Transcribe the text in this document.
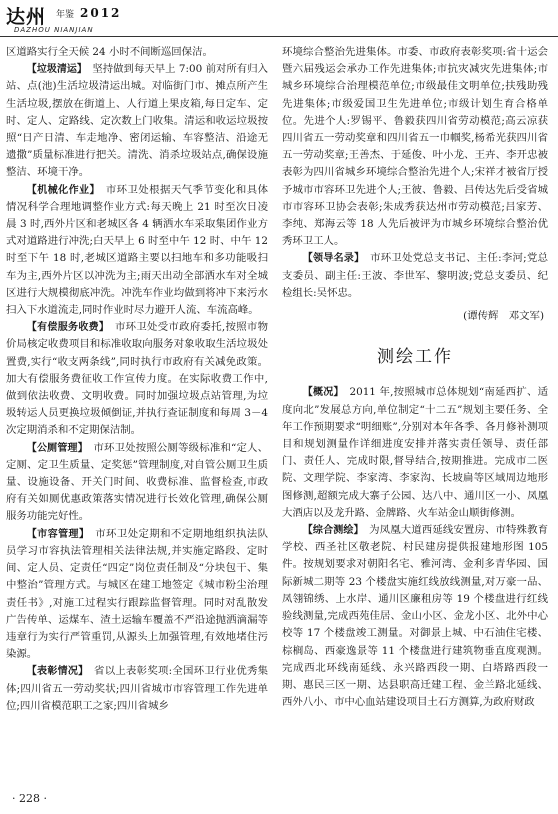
达州 年鉴 2012
DAZHOU NIANJIAN

区道路实行全天候 24 小时不间断巡回保洁。

【垃圾清运】　 坚持做到每天早上 7:00 前对所有归入站、点(池)生活垃圾清运出城。对临街门市、摊点所产生生活垃圾,摆放在街道上、人行道上果皮箱,每日定车、定时、定人、定路线、定次数上门收集。清运和收运垃圾按照“日产日清、车走地净、密闭运输、车容整洁、沿途无遗撒”质量标准进行把关。清洗、消杀垃圾站点,确保设施整洁、环境干净。

【机械化作业】　 市环卫处根据天气季节变化和具体情况科学合理地调整作业方式:每天晚上 21 时至次日凌晨 3 时,西外片区和老城区各 4 辆洒水车采取集团作业方式对道路进行冲洗;白天早上 6 时至中午 12 时、中午 12 时至下午 18 时,老城区道路主要以扫地车和多功能吸扫车为主,西外片区以冲洗为主;雨天出动全部洒水车对全城区进行大规模彻底冲洗。冲洗车作业均做到将冲下来污水扫入下水道流走,同时作业时尽力避开人流、车流高峰。

【有偿服务收费】　 市环卫处受市政府委托,按照市物价局核定收费项目和标准收取向服务对象收取生活垃圾处置费,实行“收支两条线”,同时执行市政府有关减免政策。加大有偿服务费征收工作宣传力度。在实际收费工作中,做到依法收费、文明收费。同时加强垃圾点站管理,为垃圾转运人员更换垃圾倾倒证,并执行查证制度和每周 3－4 次定期消杀和不定期保洁制。

【公厕管理】　 市环卫处按照公厕等级标准和“定人、定厕、定卫生质量、定奖惩”管理制度,对自管公厕卫生质量、设施设备、开关门时间、收费标准、监督检查,市政府有关如厕优惠政策落实情况进行长效化管理,确保公厕服务功能完好性。

【市容管理】　 市环卫处定期和不定期地组织执法队员学习市容执法管理相关法律法规,并实施定路段、定时间、定人员、定责任“四定”岗位责任制及“分块包干、集中整治”管理方式。与城区在建工地签定《城市粉尘治理责任书》,对施工过程实行跟踪监督管理。同时对乱散发广告传单、运煤车、渣土运输车覆盖不严沿途抛洒滴漏等违章行为实行严管重罚,从源头上加强管理,有效地堵住污染源。

【表彰情况】　 省以上表彰奖项:全国环卫行业优秀集体;四川省五一劳动奖状;四川省城市市容管理工作先进单位;四川省模范职工之家;四川省城乡

环境综合整治先进集体。市委、市政府表彰奖项:省十运会暨六届残运会承办工作先进集体;市抗灾减灾先进集体;市城乡环境综合治理模范单位;市级最佳文明单位;扶残助残先进集体;市级爱国卫生先进单位;市级计划生育合格单位。先进个人:罗锡平、鲁毅获四川省劳动模范;高云凉获四川省五一劳动奖章和四川省五一巾帼奖,杨希光获四川省五一劳动奖章;王善杰、于延俊、叶小龙、王卉、李开忠被表彰为四川省城乡环境综合整治先进个人;宋祥才被省厅授予城市市容环卫先进个人;王彼、鲁毅、吕传达先后受省城市市容环卫协会表彰;朱成秀获达州市劳动模范;吕家芳、李纯、郑海云等 18 人先后被评为市城乡环境综合整治优秀环卫工人。

【领导名录】　 市环卫处党总支书记、主任:李河;党总支委员、副主任:王波、李世军、黎明波;党总支委员、纪检组长:吴怀忠。

(谭传辉　邓文军)

测绘工作

【概况】　 2011 年,按照城市总体规划“南延西扩、适度向北”发展总方向,单位制定“十二五”规划主要任务、全年工作预期要求“明细账”,分别对本年各季、各月修补测项目和规划测量作详细进度安排并落实责任领导、责任部门、责任人、完成时限,督导结合,按期推进。完成市二医院、文理学院、李家湾、李家沟、长坡扁等区域周边地形图修测,超额完成大寨子公园、达八中、通川区一小、凤凰大酒店以及龙升路、金牌路、火车站金山顺街修测。

【综合测绘】　 为凤凰大道西延线安置房、市特殊教育学校、西圣社区敬老院、村民建房提供报建地形图 105 件。按规划要求对朝阳名宅、雅河湾、金利多青华园、国际新城二期等 23 个楼盘实施红线放线测量,对万豪一品、凤翎锦绣、上水岸、通川区廉租房等 19 个楼盘进行红线验线测量,完成西苑佳居、金山小区、金龙小区、北外中心校等 17 个楼盘竣工测量。对御景上城、中石油住宅楼、棕榈岛、西豪逸景等 11 个楼盘进行建筑物垂直度观测。完成西北环线南延线、永兴路西段一期、白塔路西段一期、惠民三区一期、达县职高迁建工程、金兰路北延线、西外八小、市中心血站建设项目土石方测算,为政府财政

· 228 ·
